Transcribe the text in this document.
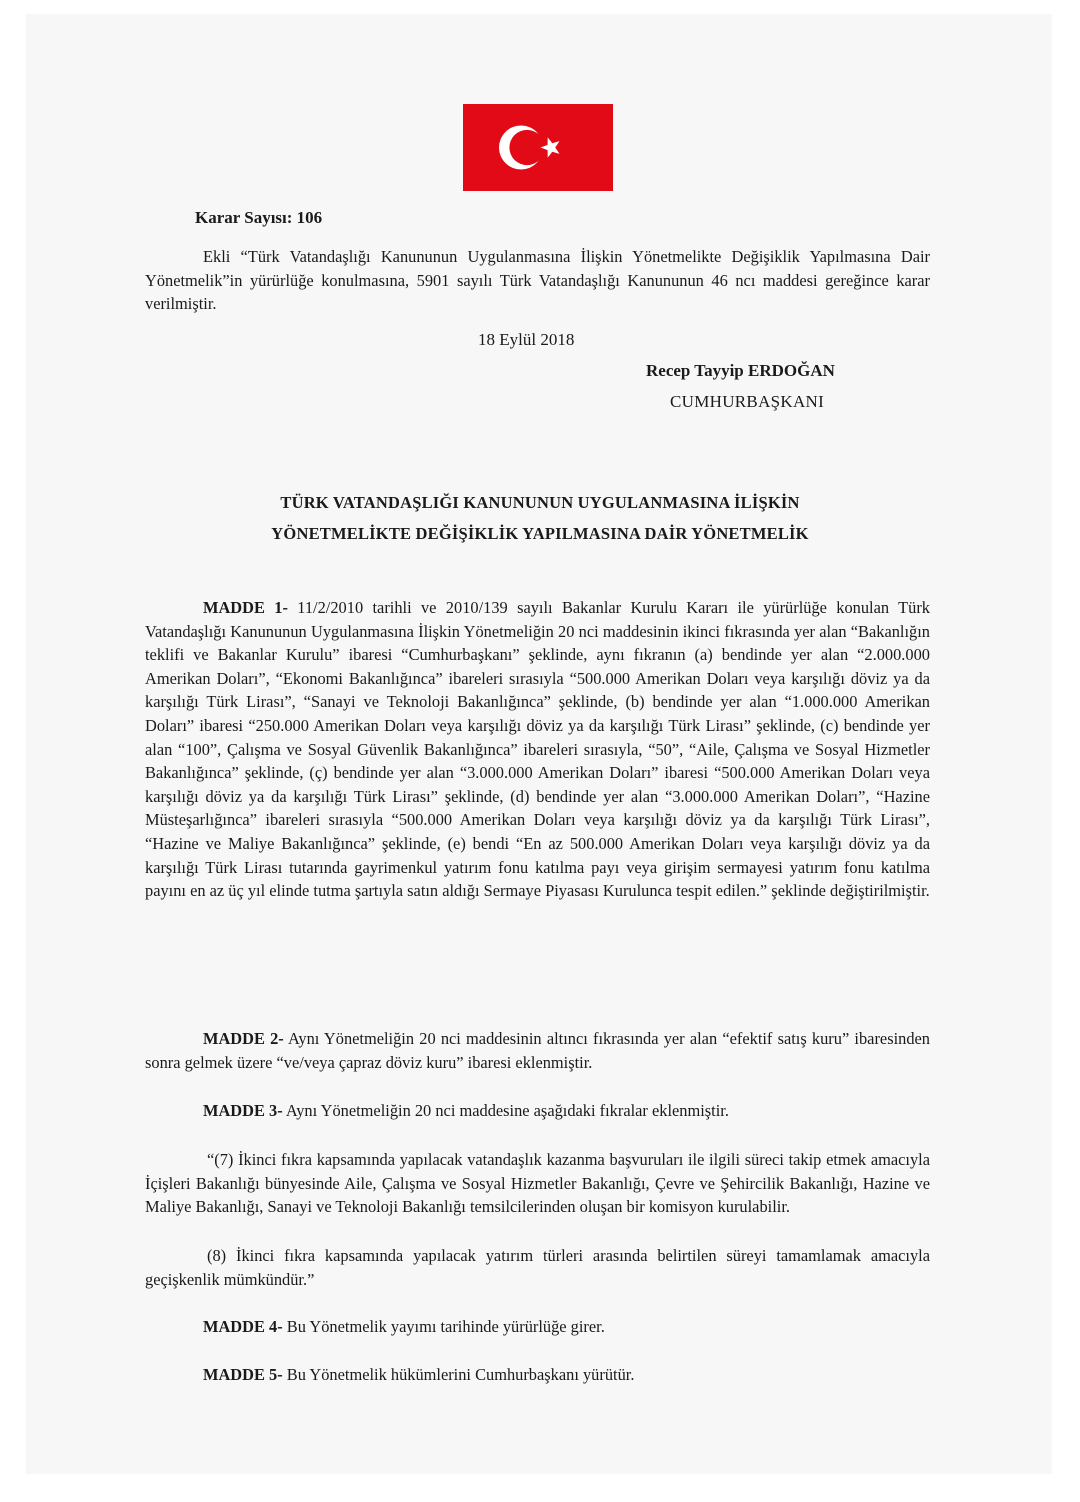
Karar Sayısı: 106
Ekli “Türk Vatandaşlığı Kanununun Uygulanmasına İlişkin Yönetmelikte Değişiklik Yapılmasına Dair Yönetmelik”in yürürlüğe konulmasına, 5901 sayılı Türk Vatandaşlığı Kanununun 46 ncı maddesi gereğince karar verilmiştir.
18 Eylül 2018
Recep Tayyip ERDOĞAN
CUMHURBAŞKANI
TÜRK VATANDAŞLIĞI KANUNUNUN UYGULANMASINA İLİŞKİN
YÖNETMELİKTE DEĞİŞİKLİK YAPILMASINA DAİR YÖNETMELİK
MADDE 1- 11/2/2010 tarihli ve 2010/139 sayılı Bakanlar Kurulu Kararı ile yürürlüğe konulan Türk Vatandaşlığı Kanununun Uygulanmasına İlişkin Yönetmeliğin 20 nci maddesinin ikinci fıkrasında yer alan “Bakanlığın teklifi ve Bakanlar Kurulu” ibaresi “Cumhurbaşkanı” şeklinde, aynı fıkranın (a) bendinde yer alan “2.000.000 Amerikan Doları”, “Ekonomi Bakanlığınca” ibareleri sırasıyla “500.000 Amerikan Doları veya karşılığı döviz ya da karşılığı Türk Lirası”, “Sanayi ve Teknoloji Bakanlığınca” şeklinde, (b) bendinde yer alan “1.000.000 Amerikan Doları” ibaresi “250.000 Amerikan Doları veya karşılığı döviz ya da karşılığı Türk Lirası” şeklinde, (c) bendinde yer alan “100”, Çalışma ve Sosyal Güvenlik Bakanlığınca” ibareleri sırasıyla, “50”, “Aile, Çalışma ve Sosyal Hizmetler Bakanlığınca” şeklinde, (ç) bendinde yer alan “3.000.000 Amerikan Doları” ibaresi “500.000 Amerikan Doları veya karşılığı döviz ya da karşılığı Türk Lirası” şeklinde, (d) bendinde yer alan “3.000.000 Amerikan Doları”, “Hazine Müsteşarlığınca” ibareleri sırasıyla “500.000 Amerikan Doları veya karşılığı döviz ya da karşılığı Türk Lirası”, “Hazine ve Maliye Bakanlığınca” şeklinde, (e) bendi “En az 500.000 Amerikan Doları veya karşılığı döviz ya da karşılığı Türk Lirası tutarında gayrimenkul yatırım fonu katılma payı veya girişim sermayesi yatırım fonu katılma payını en az üç yıl elinde tutma şartıyla satın aldığı Sermaye Piyasası Kurulunca tespit edilen.” şeklinde değiştirilmiştir.
MADDE 2- Aynı Yönetmeliğin 20 nci maddesinin altıncı fıkrasında yer alan “efektif satış kuru” ibaresinden sonra gelmek üzere “ve/veya çapraz döviz kuru” ibaresi eklenmiştir.
MADDE 3- Aynı Yönetmeliğin 20 nci maddesine aşağıdaki fıkralar eklenmiştir.
“(7) İkinci fıkra kapsamında yapılacak vatandaşlık kazanma başvuruları ile ilgili süreci takip etmek amacıyla İçişleri Bakanlığı bünyesinde Aile, Çalışma ve Sosyal Hizmetler Bakanlığı, Çevre ve Şehircilik Bakanlığı, Hazine ve Maliye Bakanlığı, Sanayi ve Teknoloji Bakanlığı temsilcilerinden oluşan bir komisyon kurulabilir.
(8) İkinci fıkra kapsamında yapılacak yatırım türleri arasında belirtilen süreyi tamamlamak amacıyla geçişkenlik mümkündür.”
MADDE 4- Bu Yönetmelik yayımı tarihinde yürürlüğe girer.
MADDE 5- Bu Yönetmelik hükümlerini Cumhurbaşkanı yürütür.
